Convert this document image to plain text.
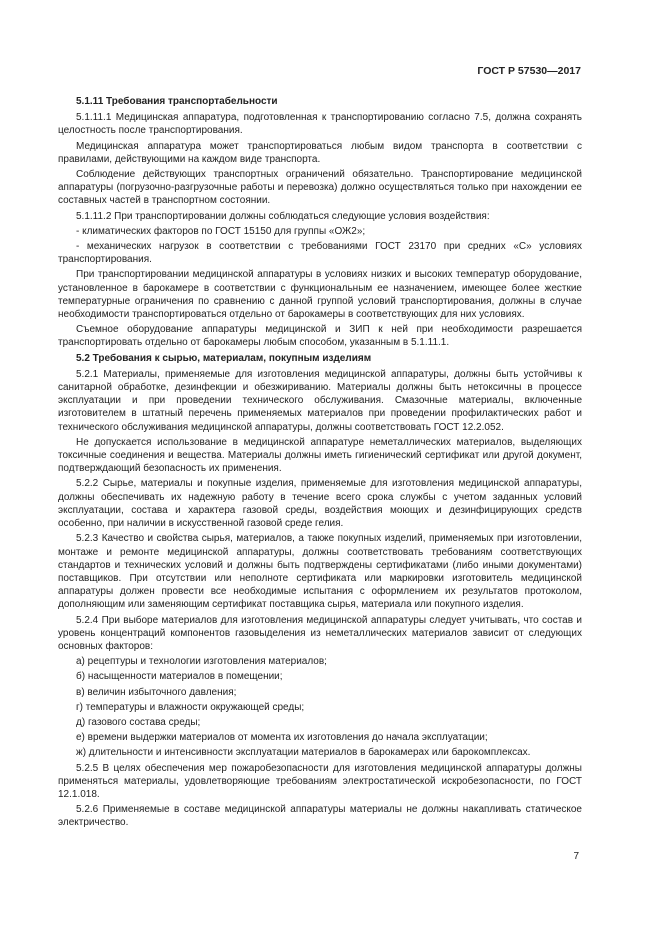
ГОСТ Р 57530—2017

5.1.11 Требования транспортабельности

5.1.11.1 Медицинская аппаратура, подготовленная к транспортированию согласно 7.5, должна сохранять целостность после транспортирования.

Медицинская аппаратура может транспортироваться любым видом транспорта в соответствии с правилами, действующими на каждом виде транспорта.

Соблюдение действующих транспортных ограничений обязательно. Транспортирование медицинской аппаратуры (погрузочно-разгрузочные работы и перевозка) должно осуществляться только при нахождении ее составных частей в транспортном состоянии.

5.1.11.2 При транспортировании должны соблюдаться следующие условия воздействия:

- климатических факторов по ГОСТ 15150 для группы «ОЖ2»;

- механических нагрузок в соответствии с требованиями ГОСТ 23170 при средних «С» условиях транспортирования.

При транспортировании медицинской аппаратуры в условиях низких и высоких температур оборудование, установленное в барокамере в соответствии с функциональным ее назначением, имеющее более жесткие температурные ограничения по сравнению с данной группой условий транспортирования, должны в случае необходимости транспортироваться отдельно от барокамеры в соответствующих для них условиях.

Съемное оборудование аппаратуры медицинской и ЗИП к ней при необходимости разрешается транспортировать отдельно от барокамеры любым способом, указанным в 5.1.11.1.

5.2 Требования к сырью, материалам, покупным изделиям

5.2.1 Материалы, применяемые для изготовления медицинской аппаратуры, должны быть устойчивы к санитарной обработке, дезинфекции и обезжириванию. Материалы должны быть нетоксичны в процессе эксплуатации и при проведении технического обслуживания. Смазочные материалы, включенные изготовителем в штатный перечень применяемых материалов при проведении профилактических работ и технического обслуживания медицинской аппаратуры, должны соответствовать ГОСТ 12.2.052.

Не допускается использование в медицинской аппаратуре неметаллических материалов, выделяющих токсичные соединения и вещества. Материалы должны иметь гигиенический сертификат или другой документ, подтверждающий безопасность их применения.

5.2.2 Сырье, материалы и покупные изделия, применяемые для изготовления медицинской аппаратуры, должны обеспечивать их надежную работу в течение всего срока службы с учетом заданных условий эксплуатации, состава и характера газовой среды, воздействия моющих и дезинфицирующих средств особенно, при наличии в искусственной газовой среде гелия.

5.2.3 Качество и свойства сырья, материалов, а также покупных изделий, применяемых при изготовлении, монтаже и ремонте медицинской аппаратуры, должны соответствовать требованиям соответствующих стандартов и технических условий и должны быть подтверждены сертификатами (либо иными документами) поставщиков. При отсутствии или неполноте сертификата или маркировки изготовитель медицинской аппаратуры должен провести все необходимые испытания с оформлением их результатов протоколом, дополняющим или заменяющим сертификат поставщика сырья, материала или покупного изделия.

5.2.4 При выборе материалов для изготовления медицинской аппаратуры следует учитывать, что состав и уровень концентраций компонентов газовыделения из неметаллических материалов зависит от следующих основных факторов:

а) рецептуры и технологии изготовления материалов;

б) насыщенности материалов в помещении;

в) величин избыточного давления;

г) температуры и влажности окружающей среды;

д) газового состава среды;

е) времени выдержки материалов от момента их изготовления до начала эксплуатации;

ж) длительности и интенсивности эксплуатации материалов в барокамерах или барокомплексах.

5.2.5 В целях обеспечения мер пожаробезопасности для изготовления медицинской аппаратуры должны применяться материалы, удовлетворяющие требованиям электростатической искробезопасности, по ГОСТ 12.1.018.

5.2.6 Применяемые в составе медицинской аппаратуры материалы не должны накапливать статическое электричество.

7
